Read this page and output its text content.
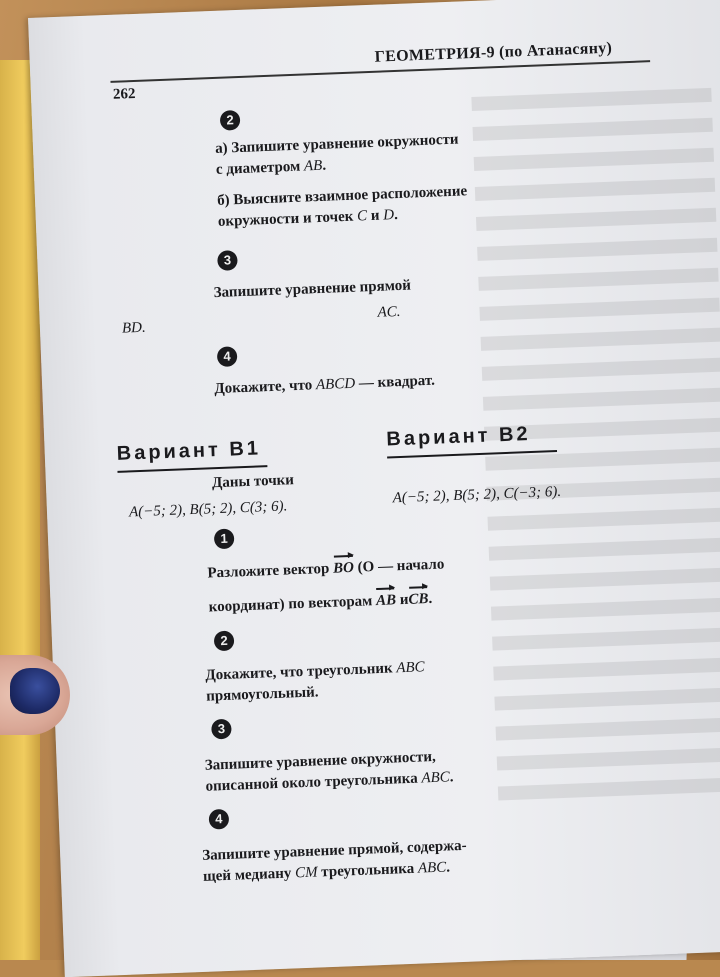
ГЕОМЕТРИЯ-9 (по Атанасяну)
262
2
а) Запишите уравнение окружности
с диаметром AB.
б) Выясните взаимное расположение
окружности и точек C и D.
3
Запишите уравнение прямой
BD.
AC.
4
Докажите, что ABCD — квадрат.
Вариант В1
Вариант В2
Даны точки
A(−5; 2), B(5; 2), C(3; 6).
A(−5; 2), B(5; 2), C(−3; 6).
1
Разложите вектор BO (O — начало
координат) по векторам AB иCB.
2
Докажите, что треугольник ABC
прямоугольный.
3
Запишите уравнение окружности,
описанной около треугольника ABC.
4
Запишите уравнение прямой, содержа-
щей медиану CM треугольника ABC.
